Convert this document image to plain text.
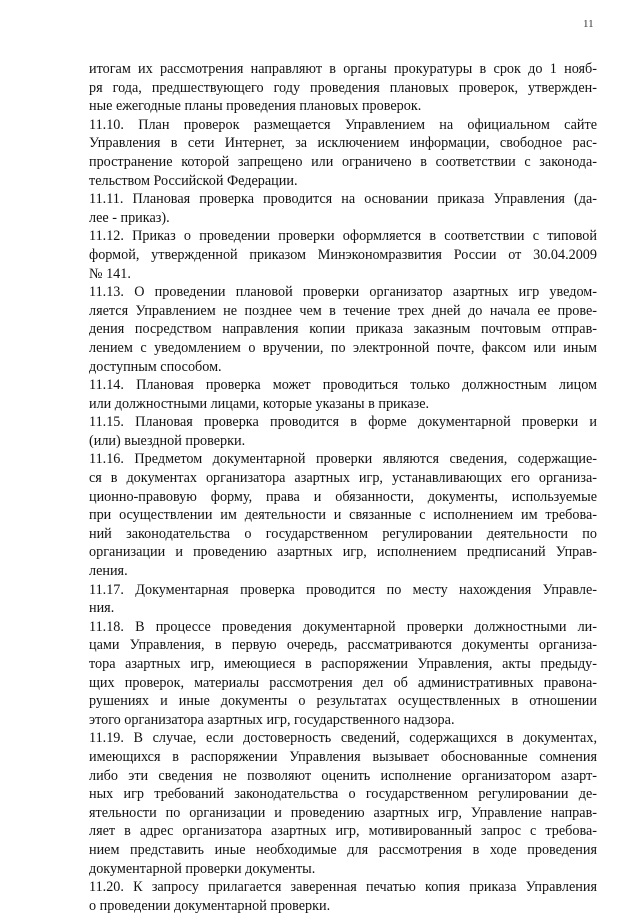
11
итогам их рассмотрения направляют в органы прокуратуры в срок до 1 нояб-
ря года, предшествующего году проведения плановых проверок, утвержден-
ные ежегодные планы проведения плановых проверок.
11.10. План проверок размещается Управлением на официальном сайте
Управления в сети Интернет, за исключением информации, свободное рас-
пространение которой запрещено или ограничено в соответствии с законода-
тельством Российской Федерации.
11.11. Плановая проверка проводится на основании приказа Управления (да-
лее - приказ).
11.12. Приказ о проведении проверки оформляется в соответствии с типовой
формой, утвержденной приказом Минэкономразвития России от 30.04.2009
№ 141.
11.13. О проведении плановой проверки организатор азартных игр уведом-
ляется Управлением не позднее чем в течение трех дней до начала ее прове-
дения посредством направления копии приказа заказным почтовым отправ-
лением с уведомлением о вручении, по электронной почте, факсом или иным
доступным способом.
11.14. Плановая проверка может проводиться только должностным лицом
или должностными лицами, которые указаны в приказе.
11.15. Плановая проверка проводится в форме документарной проверки и
(или) выездной проверки.
11.16. Предметом документарной проверки являются сведения, содержащие-
ся в документах организатора азартных игр, устанавливающих его организа-
ционно-правовую форму, права и обязанности, документы, используемые
при осуществлении им деятельности и связанные с исполнением им требова-
ний законодательства о государственном регулировании деятельности по
организации и проведению азартных игр, исполнением предписаний Управ-
ления.
11.17. Документарная проверка проводится по месту нахождения Управле-
ния.
11.18. В процессе проведения документарной проверки должностными ли-
цами Управления, в первую очередь, рассматриваются документы организа-
тора азартных игр, имеющиеся в распоряжении Управления, акты предыду-
щих проверок, материалы рассмотрения дел об административных правона-
рушениях и иные документы о результатах осуществленных в отношении
этого организатора азартных игр, государственного надзора.
11.19. В случае, если достоверность сведений, содержащихся в документах,
имеющихся в распоряжении Управления вызывает обоснованные сомнения
либо эти сведения не позволяют оценить исполнение организатором азарт-
ных игр требований законодательства о государственном регулировании де-
ятельности по организации и проведению азартных игр, Управление направ-
ляет в адрес организатора азартных игр, мотивированный запрос с требова-
нием представить иные необходимые для рассмотрения в ходе проведения
документарной проверки документы.
11.20. К запросу прилагается заверенная печатью копия приказа Управления
о проведении документарной проверки.
